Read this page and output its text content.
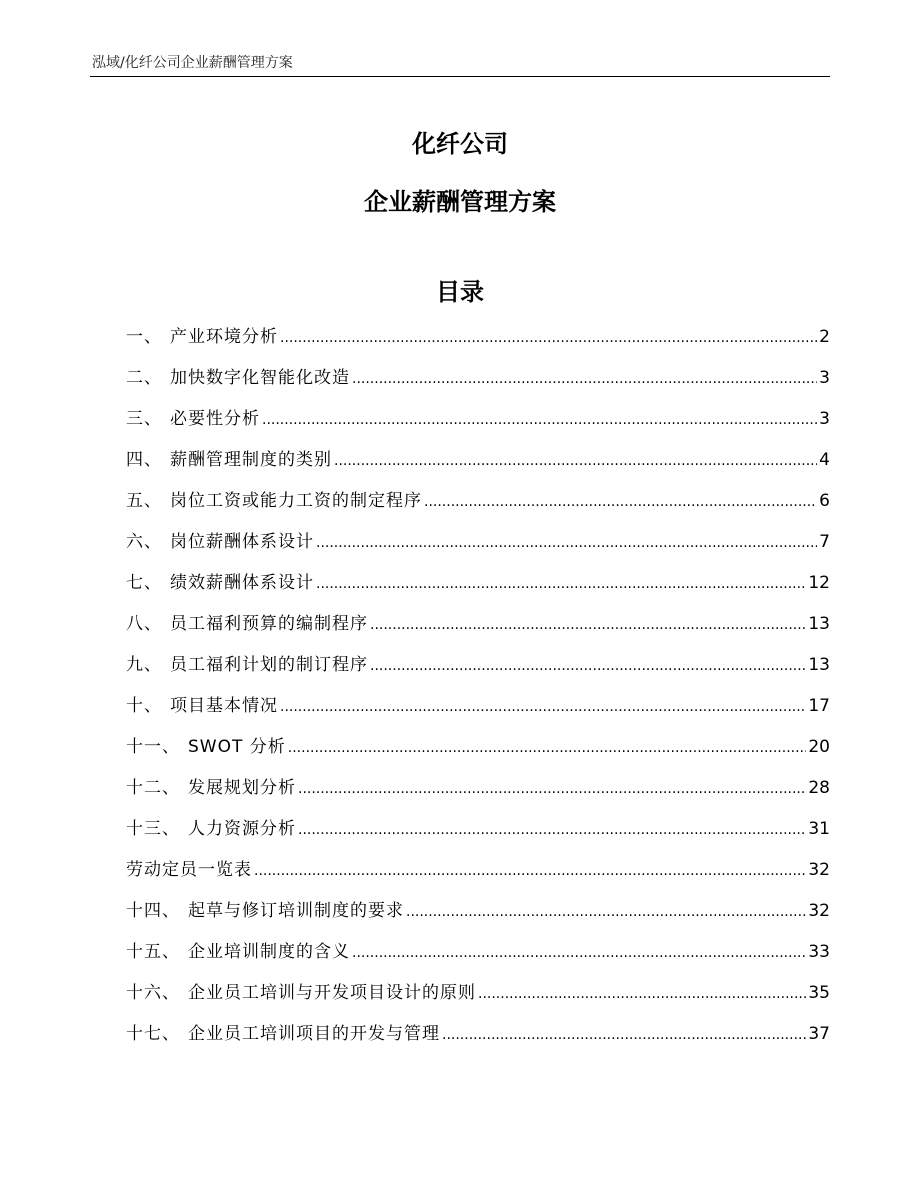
泓域/化纤公司企业薪酬管理方案
化纤公司
企业薪酬管理方案
目录
一、 产业环境分析 .....	2
二、 加快数字化智能化改造 .....	3
三、 必要性分析 .....	3
四、 薪酬管理制度的类别 .....	4
五、 岗位工资或能力工资的制定程序 .....	6
六、 岗位薪酬体系设计 .....	7
七、 绩效薪酬体系设计 .....	12
八、 员工福利预算的编制程序 .....	13
九、 员工福利计划的制订程序 .....	13
十、 项目基本情况 .....	17
十一、 SWOT 分析 .....	20
十二、 发展规划分析 .....	28
十三、 人力资源分析 .....	31
劳动定员一览表 .....	32
十四、 起草与修订培训制度的要求 .....	32
十五、 企业培训制度的含义 .....	33
十六、 企业员工培训与开发项目设计的原则 .....	35
十七、 企业员工培训项目的开发与管理 .....	37
